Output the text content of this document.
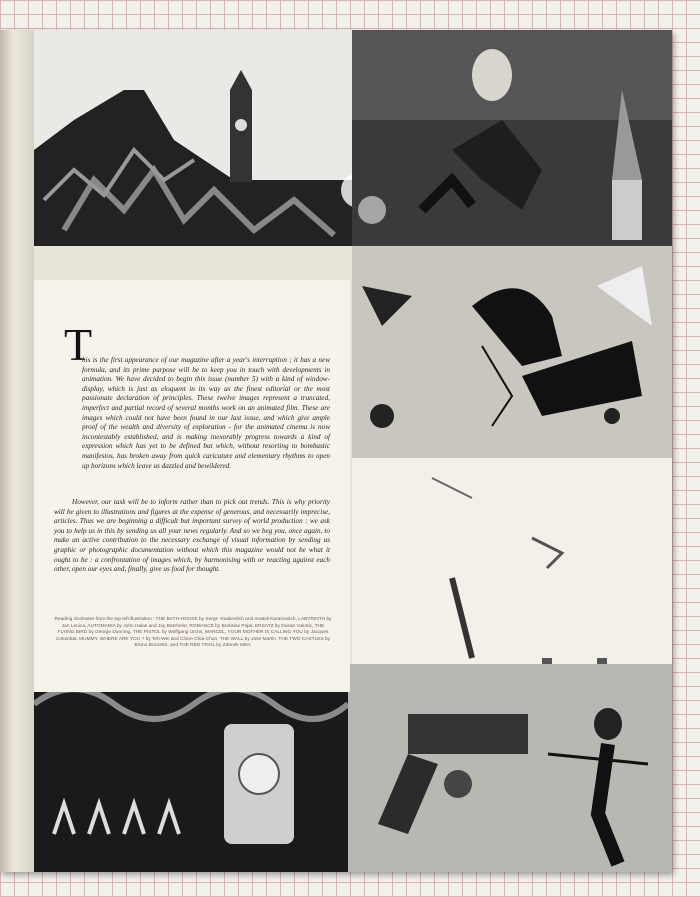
T

his is the first appearance of our magazine after a year's interruption ; it has a new formula, and its prime purpose will be to keep you in touch with developments in animation. We have decided to begin this issue (number 5) with a kind of window-display, which is just as eloquent in its way as the finest editorial or the most passionate declaration of principles. These twelve images represent a truncated, imperfect and partial record of several months work on an animated film. These are images which could not have been found in our last issue, and which give ample proof of the wealth and diversity of exploration - for the animated cinema is now incontestably established, and is making inexorably progress towards a kind of expression which has yet to be defined but which, without resorting to bombastic manifestos, has broken away from quick caricature and elementary rhythms to open up horizons which leave us dazzled and bewildered.

However, our task will be to inform rather than to pick out trends. This is why priority will be given to illustrations and figures at the expense of generous, and necessarily imprecise, articles. Thus we are beginning a difficult but important survey of world production : we ask you to help us in this by sending us all your news regularly. And so we beg you, once again, to make an active contribution to the necessary exchange of visual information by sending us graphic or photographic documentation without which this magazine would not be what it ought to be : a confrontation of images which, by harmonising with or reacting against each other, open our eyes and, finally, give us food for thought.

Reading clockwise from the top left illustration : THE BATH-HOUSE by Serge Youtkevitch and Anatoli Karanovitch, LABYRINTH by Jan Lenica, AUTOMANIA by John Halas and Joy Batchelor, ROMANCE by Bretislav Pojar, ERSATZ by Dusan Vukotic, THE FLYING BIRD by George Dunning, THE PISTOL by Wolfgang Urchs, MARCEL, YOUR MOTHER IS CALLING YOU by Jacques Colombat, MUMMY, WHERE ARE YOU ? by Teh-Wei and Chien-Chia-Chun, THE WALL by Jose Martin, THE TWO CASTLES by Bruno Bozzetto, and THE RED TRAIL by Zdenek Miler.
